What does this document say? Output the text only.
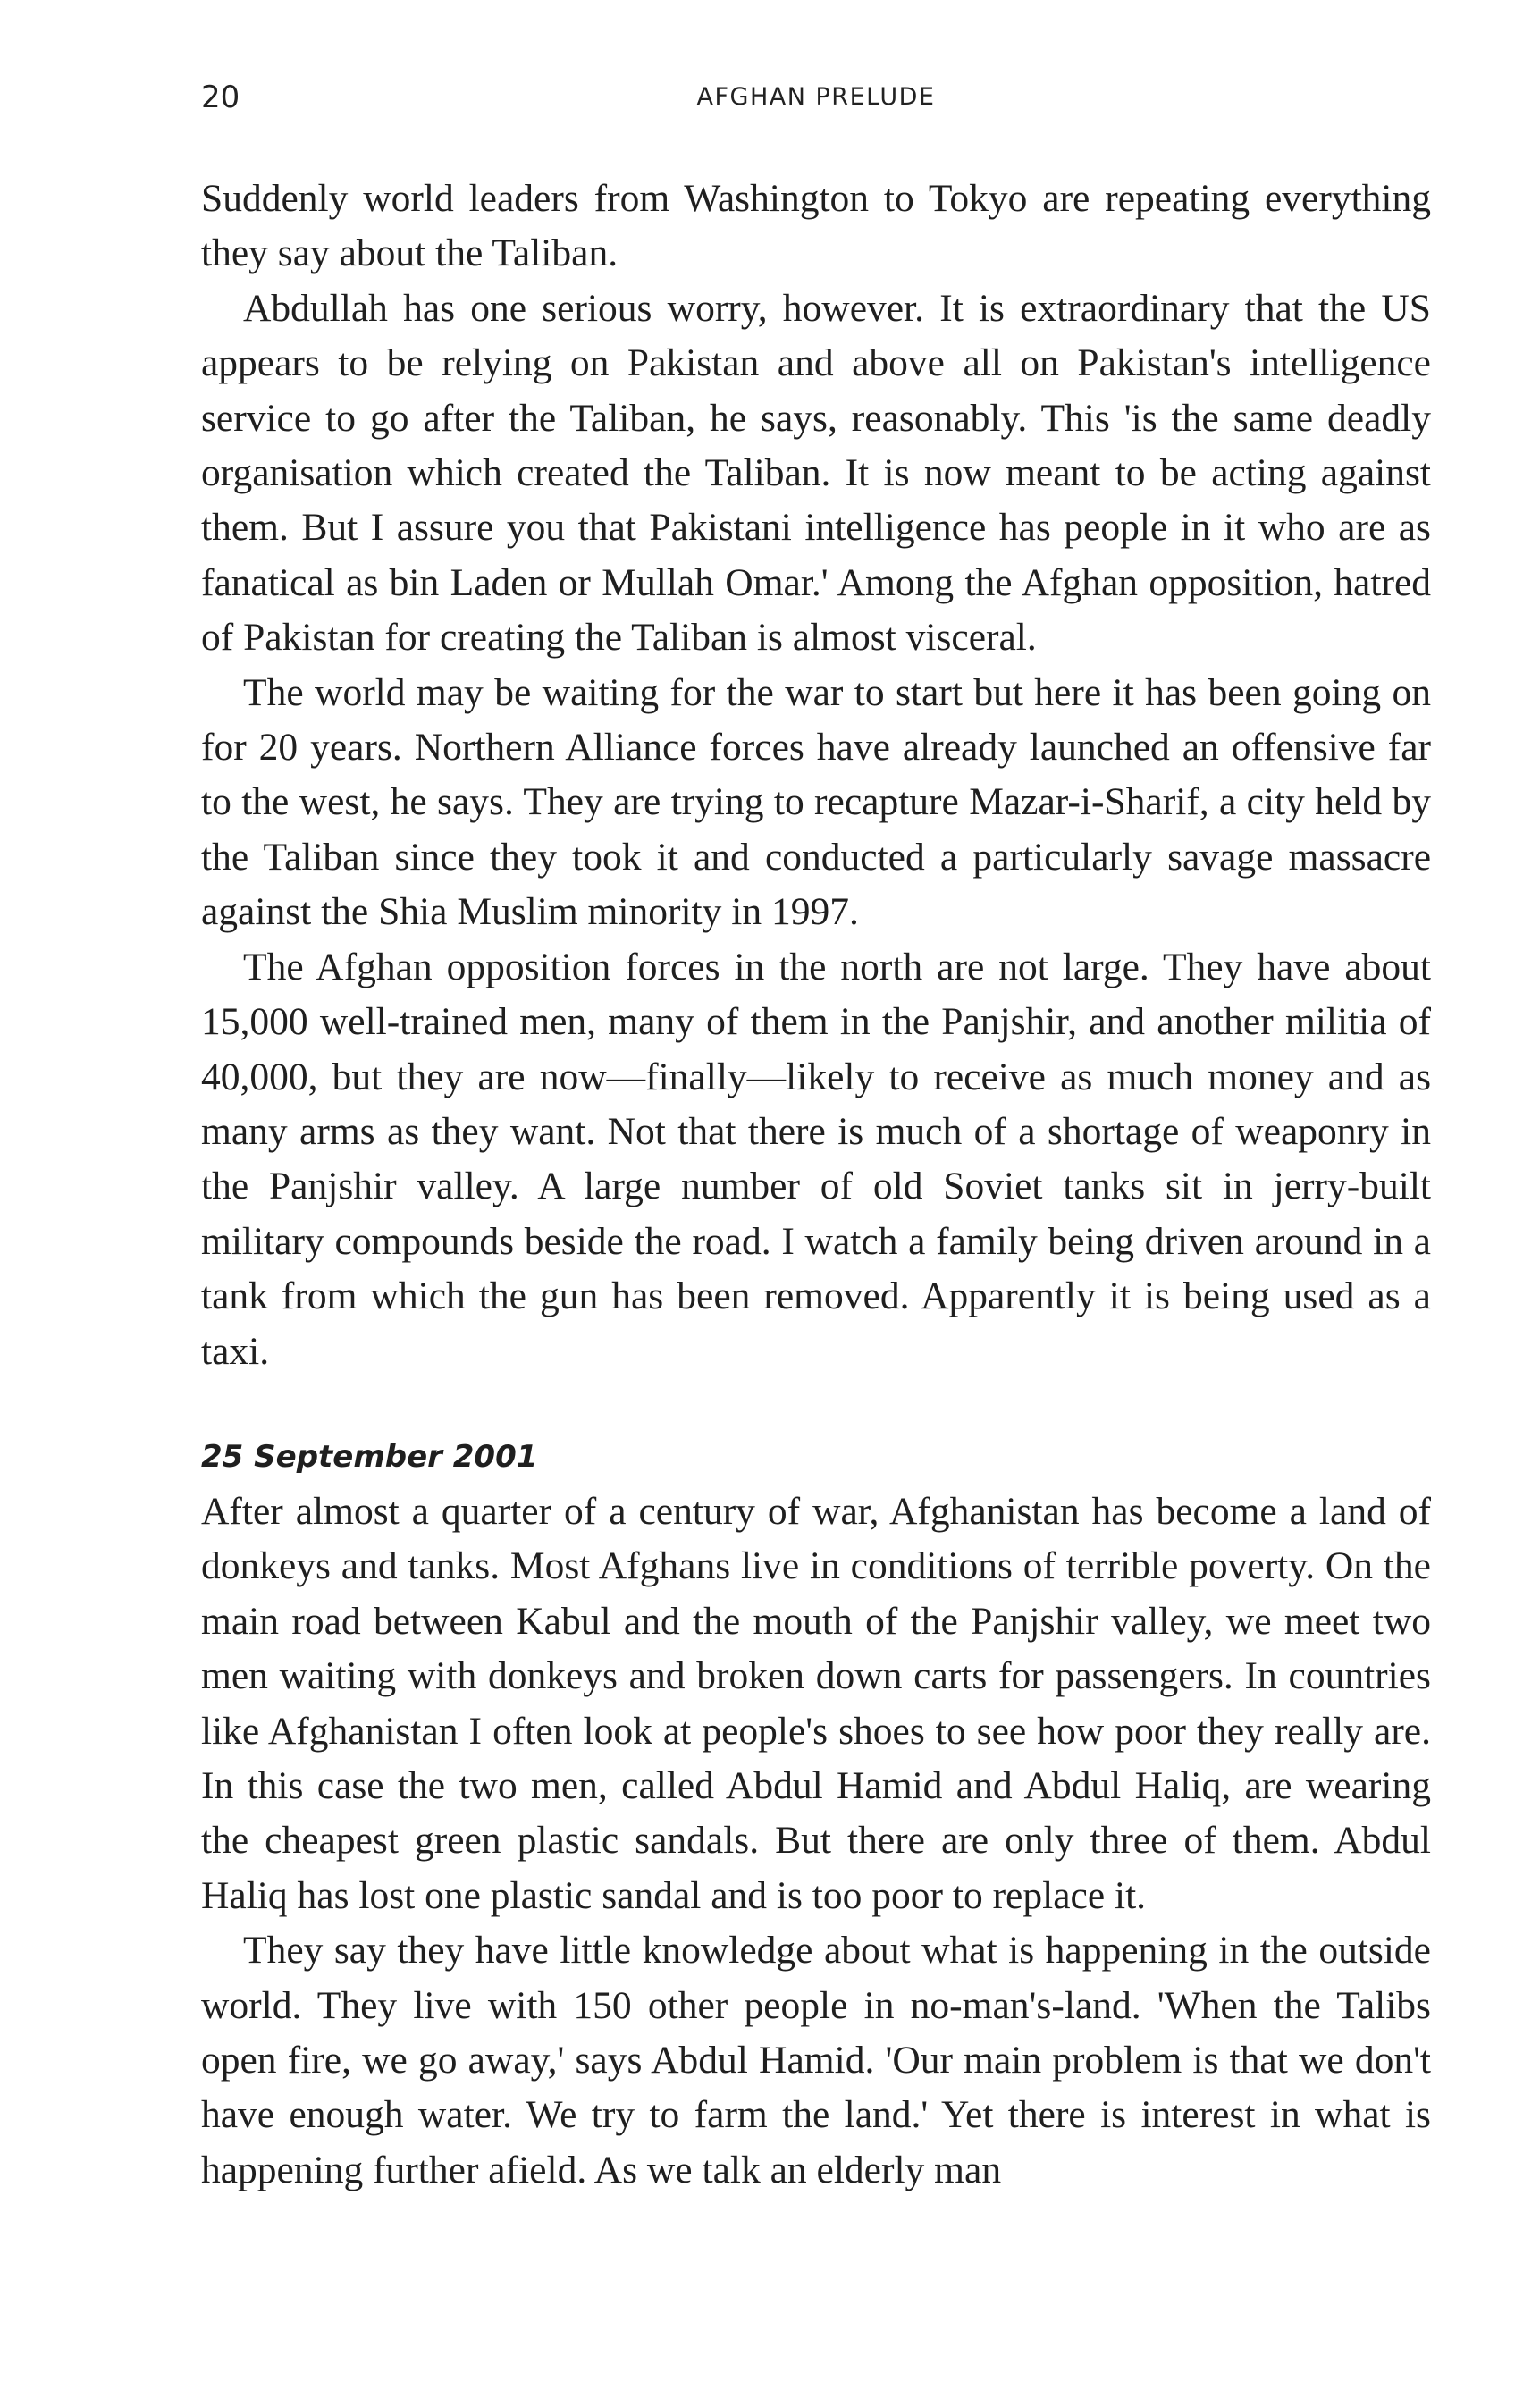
20	AFGHAN PRELUDE

Suddenly world leaders from Washington to Tokyo are repeating everything they say about the Taliban.

Abdullah has one serious worry, however. It is extraordinary that the US appears to be relying on Pakistan and above all on Pakistan's intelligence service to go after the Taliban, he says, reasonably. This 'is the same deadly organisation which created the Taliban. It is now meant to be acting against them. But I assure you that Pakistani intelligence has people in it who are as fanatical as bin Laden or Mullah Omar.' Among the Afghan opposition, hatred of Pakistan for creating the Taliban is almost visceral.

The world may be waiting for the war to start but here it has been going on for 20 years. Northern Alliance forces have already launched an offensive far to the west, he says. They are trying to recapture Mazar-i-Sharif, a city held by the Taliban since they took it and conducted a particularly savage massacre against the Shia Muslim minority in 1997.

The Afghan opposition forces in the north are not large. They have about 15,000 well-trained men, many of them in the Panjshir, and another militia of 40,000, but they are now—finally—likely to receive as much money and as many arms as they want. Not that there is much of a shortage of weaponry in the Panjshir valley. A large number of old Soviet tanks sit in jerry-built military compounds beside the road. I watch a family being driven around in a tank from which the gun has been removed. Apparently it is being used as a taxi.

25 September 2001

After almost a quarter of a century of war, Afghanistan has become a land of donkeys and tanks. Most Afghans live in conditions of terrible poverty. On the main road between Kabul and the mouth of the Panjshir valley, we meet two men waiting with donkeys and broken down carts for passengers. In countries like Afghanistan I often look at people's shoes to see how poor they really are. In this case the two men, called Abdul Hamid and Abdul Haliq, are wearing the cheapest green plastic sandals. But there are only three of them. Abdul Haliq has lost one plastic sandal and is too poor to replace it.

They say they have little knowledge about what is happening in the outside world. They live with 150 other people in no-man's-land. 'When the Talibs open fire, we go away,' says Abdul Hamid. 'Our main problem is that we don't have enough water. We try to farm the land.' Yet there is interest in what is happening further afield. As we talk an elderly man
